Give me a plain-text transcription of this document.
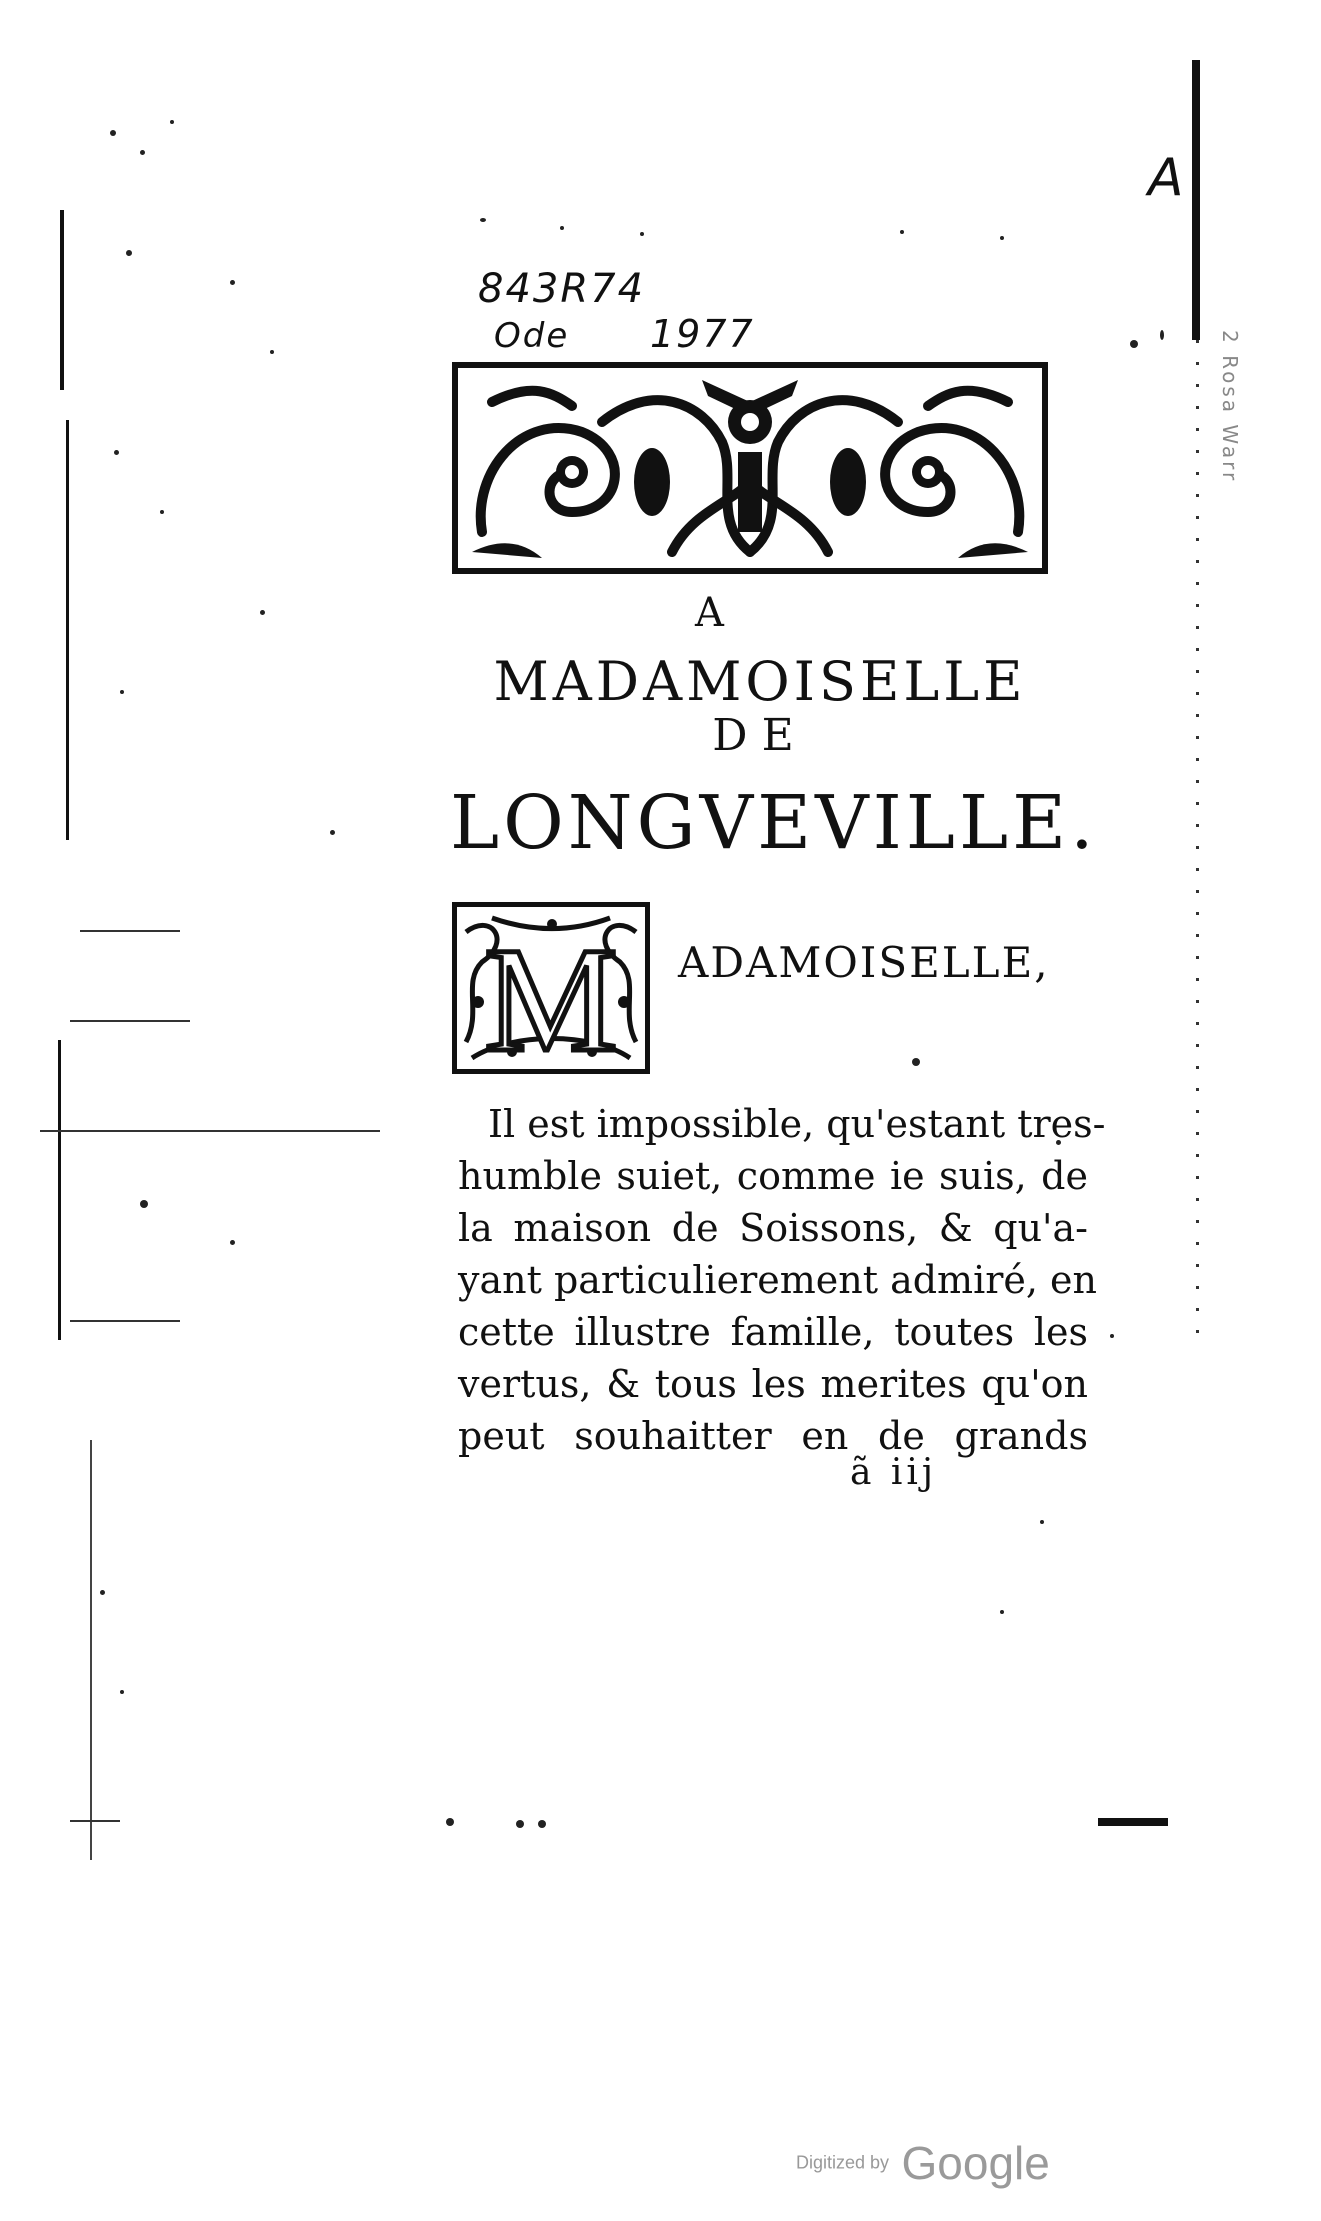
843R74
Ode 1977
A
2 Rosa Warr
A
MADAMOISELLE
DE
LONGVEVILLE.
M ADAMOISELLE,
Il est impossible, qu'estant tres-
humble suiet, comme ie suis, de
la maison de Soissons, & qu'a-
yant particulierement admiré, en
cette illustre famille, toutes les
vertus, & tous les merites qu'on
peut souhaitter en de grands
ã iij
Digitized by Google
